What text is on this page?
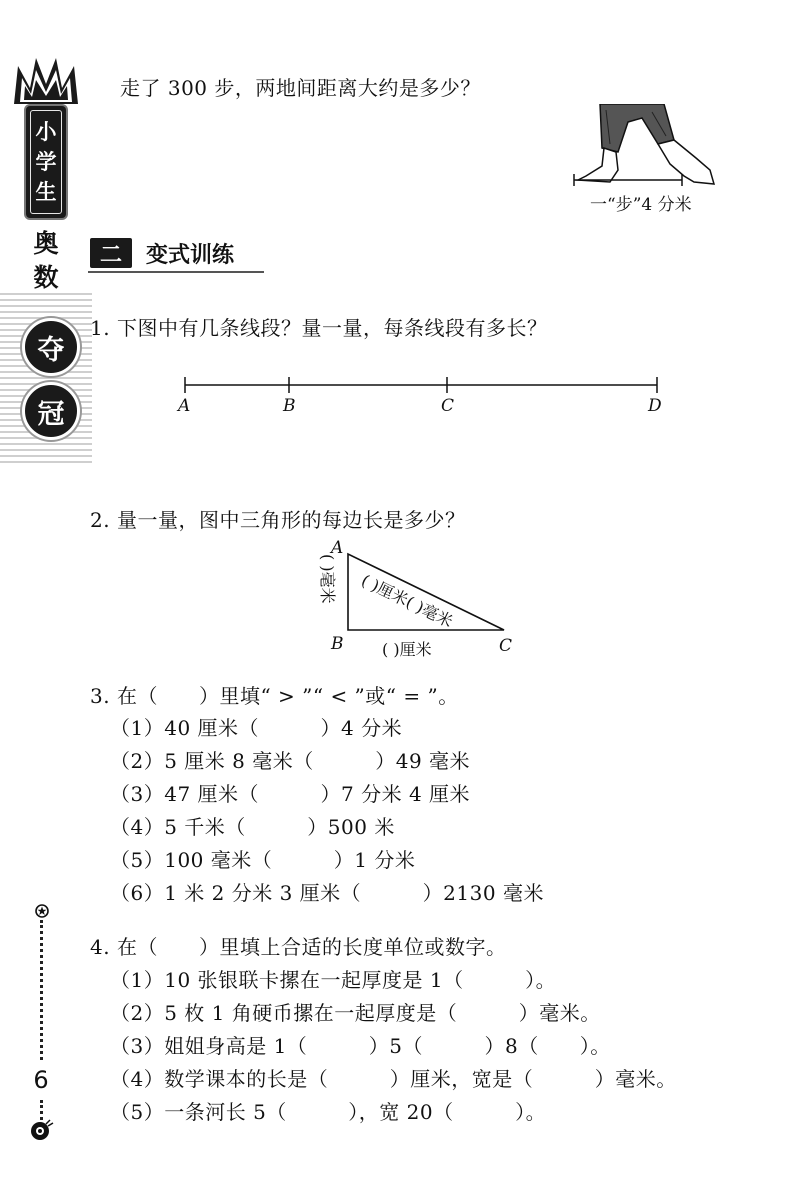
小
学
生
奥
数
夺
冠
6
走了 300 步，两地间距离大约是多少？
一“步”4 分米
二	变式训练
1. 下图中有几条线段？量一量，每条线段有多长？
A	B	C	D
2. 量一量，图中三角形的每边长是多少？
A
B	C
( )厘米( )毫米
( )毫米
( )厘米
3. 在（　　）里填“ > ”“ < ”或“ = ”。
（1）40 厘米（　　　）4 分米
（2）5 厘米 8 毫米（　　　）49 毫米
（3）47 厘米（　　　）7 分米 4 厘米
（4）5 千米（　　　）500 米
（5）100 毫米（　　　）1 分米
（6）1 米 2 分米 3 厘米（　　　）2130 毫米
4. 在（　　）里填上合适的长度单位或数字。
（1）10 张银联卡摞在一起厚度是 1（　　　）。
（2）5 枚 1 角硬币摞在一起厚度是（　　　）毫米。
（3）姐姐身高是 1（　　　）5（　　　）8（　　）。
（4）数学课本的长是（　　　）厘米，宽是（　　　）毫米。
（5）一条河长 5（　　　），宽 20（　　　）。
